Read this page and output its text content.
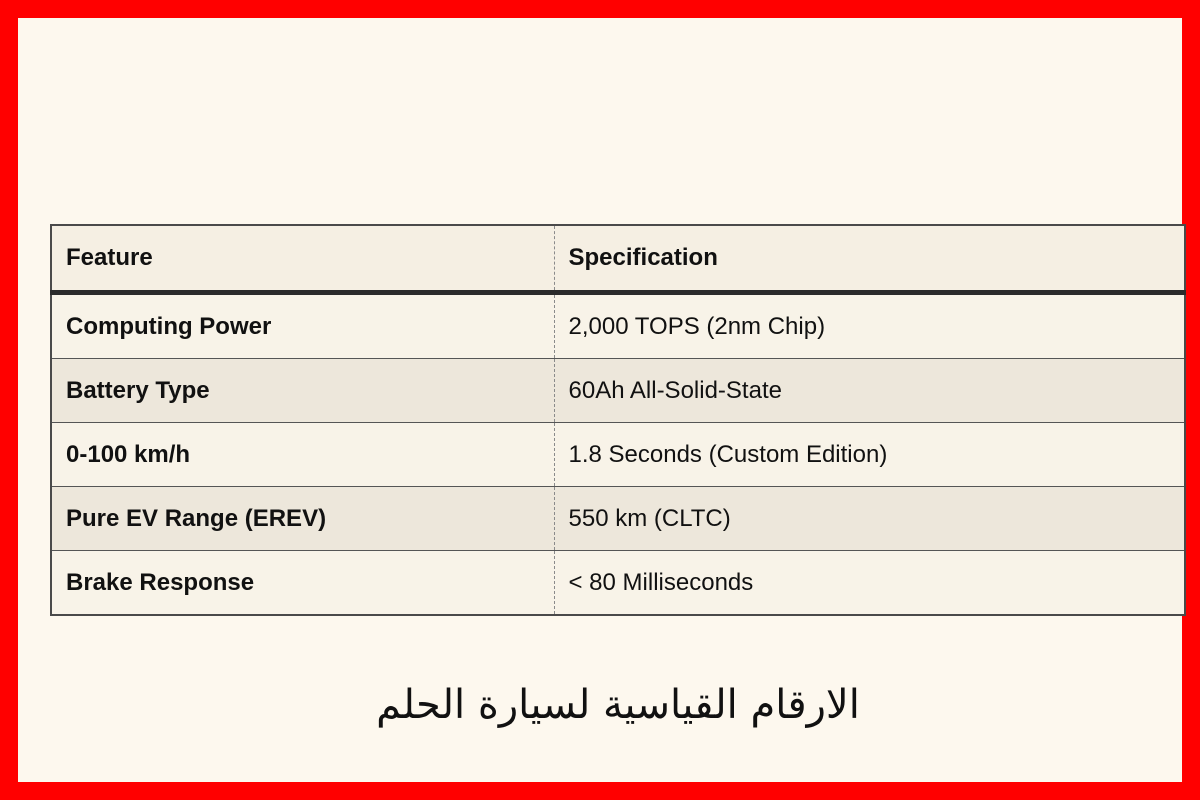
Feature	Specification
Computing Power	2,000 TOPS (2nm Chip)
Battery Type	60Ah All-Solid-State
0-100 km/h	1.8 Seconds (Custom Edition)
Pure EV Range (EREV)	550 km (CLTC)
Brake Response	< 80 Milliseconds
الارقام القياسية لسيارة الحلم
